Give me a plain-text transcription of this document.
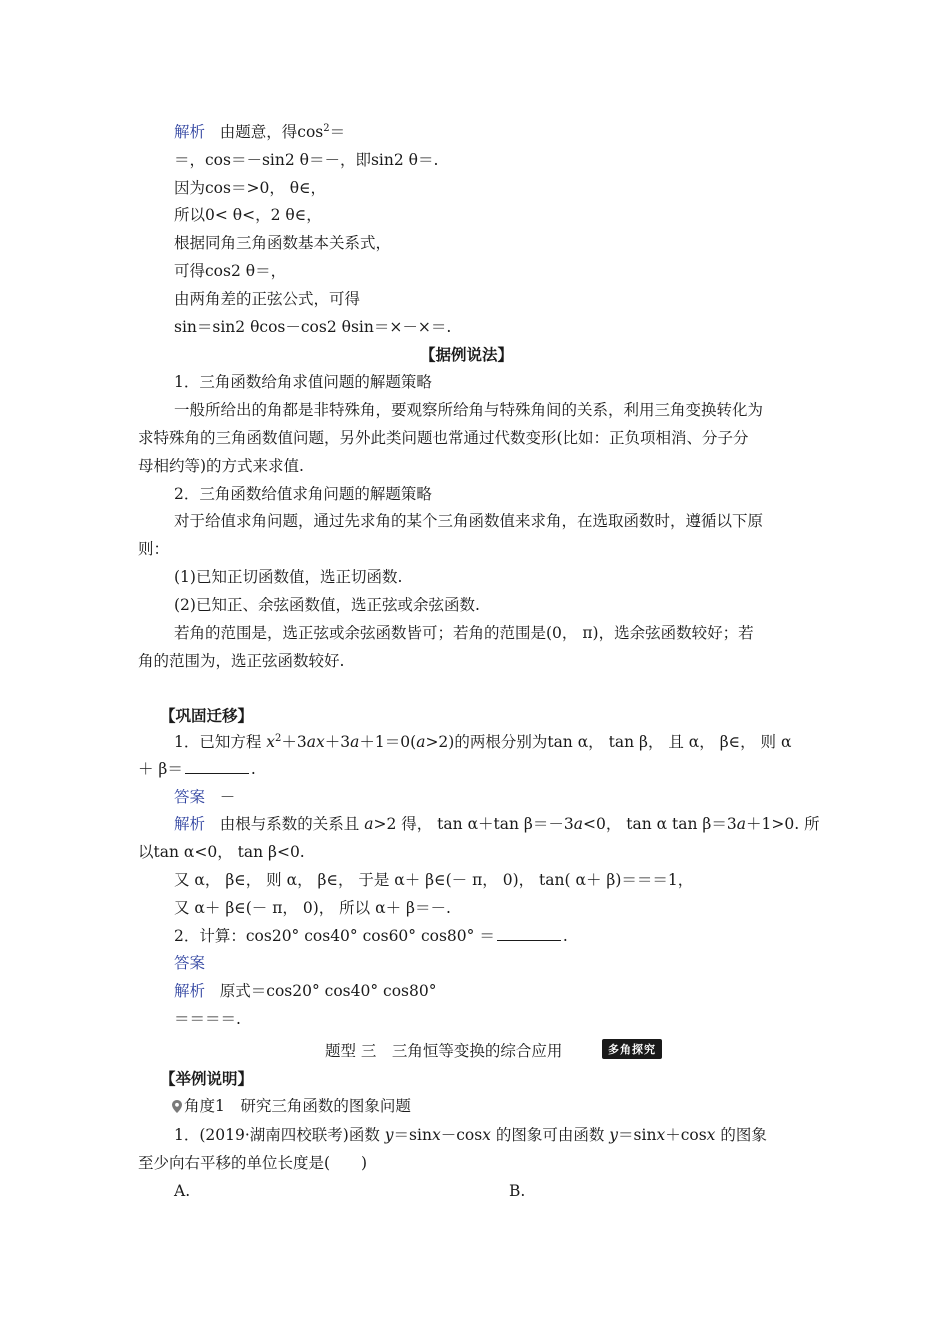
解析 由题意，得$\cos^2=$
＝，cos＝－sin2 θ＝－，即sin2 θ＝.
因为cos＝>0， θ∈，
所以0< θ<，2 θ∈，
根据同角三角函数基本关系式，
可得cos2 θ＝，
由两角差的正弦公式，可得
sin＝sin2 θcos－cos2 θsin＝×－×＝.
【据例说法】
1．三角函数给角求值问题的解题策略
一般所给出的角都是非特殊角，要观察所给角与特殊角间的关系，利用三角变换转化为
求特殊角的三角函数值问题，另外此类问题也常通过代数变形(比如：正负项相消、分子分
母相约等)的方式来求值.
2．三角函数给值求角问题的解题策略
对于给值求角问题，通过先求角的某个三角函数值来求角，在选取函数时，遵循以下原
则：
(1)已知正切函数值，选正切函数.
(2)已知正、余弦函数值，选正弦或余弦函数.
若角的范围是，选正弦或余弦函数皆可；若角的范围是(0， π)，选余弦函数较好；若
角的范围为，选正弦函数较好.
【巩固迁移】
1．已知方程 $x^2+3ax+3a+1=0(a>2)$的两根分别为tan α， tan β， 且 α， β∈， 则 α
＋ β＝	.
答案 －
解析 由根与系数的关系且 a>2 得， tan α＋tan β＝－3a<0， tan α tan β＝3a＋1>0. 所
以tan α<0， tan β<0.
又 α， β∈， 则 α， β∈， 于是 α＋ β∈(－ π， 0)， tan( α＋ β)＝＝＝1，
又 α＋ β∈(－ π， 0)， 所以 α＋ β＝－.
2．计算：cos20° cos40° cos60° cos80° ＝	.
答案
解析 原式＝cos20° cos40° cos80°
＝＝＝＝.
题型 三　三角恒等变换的综合应用	多角探究
【举例说明】
角度1　研究三角函数的图象问题
1．(2019·湖南四校联考)函数 y＝sinx－cosx 的图象可由函数 y＝sinx＋cosx 的图象
至少向右平移的单位长度是(　　)
A.	B.
